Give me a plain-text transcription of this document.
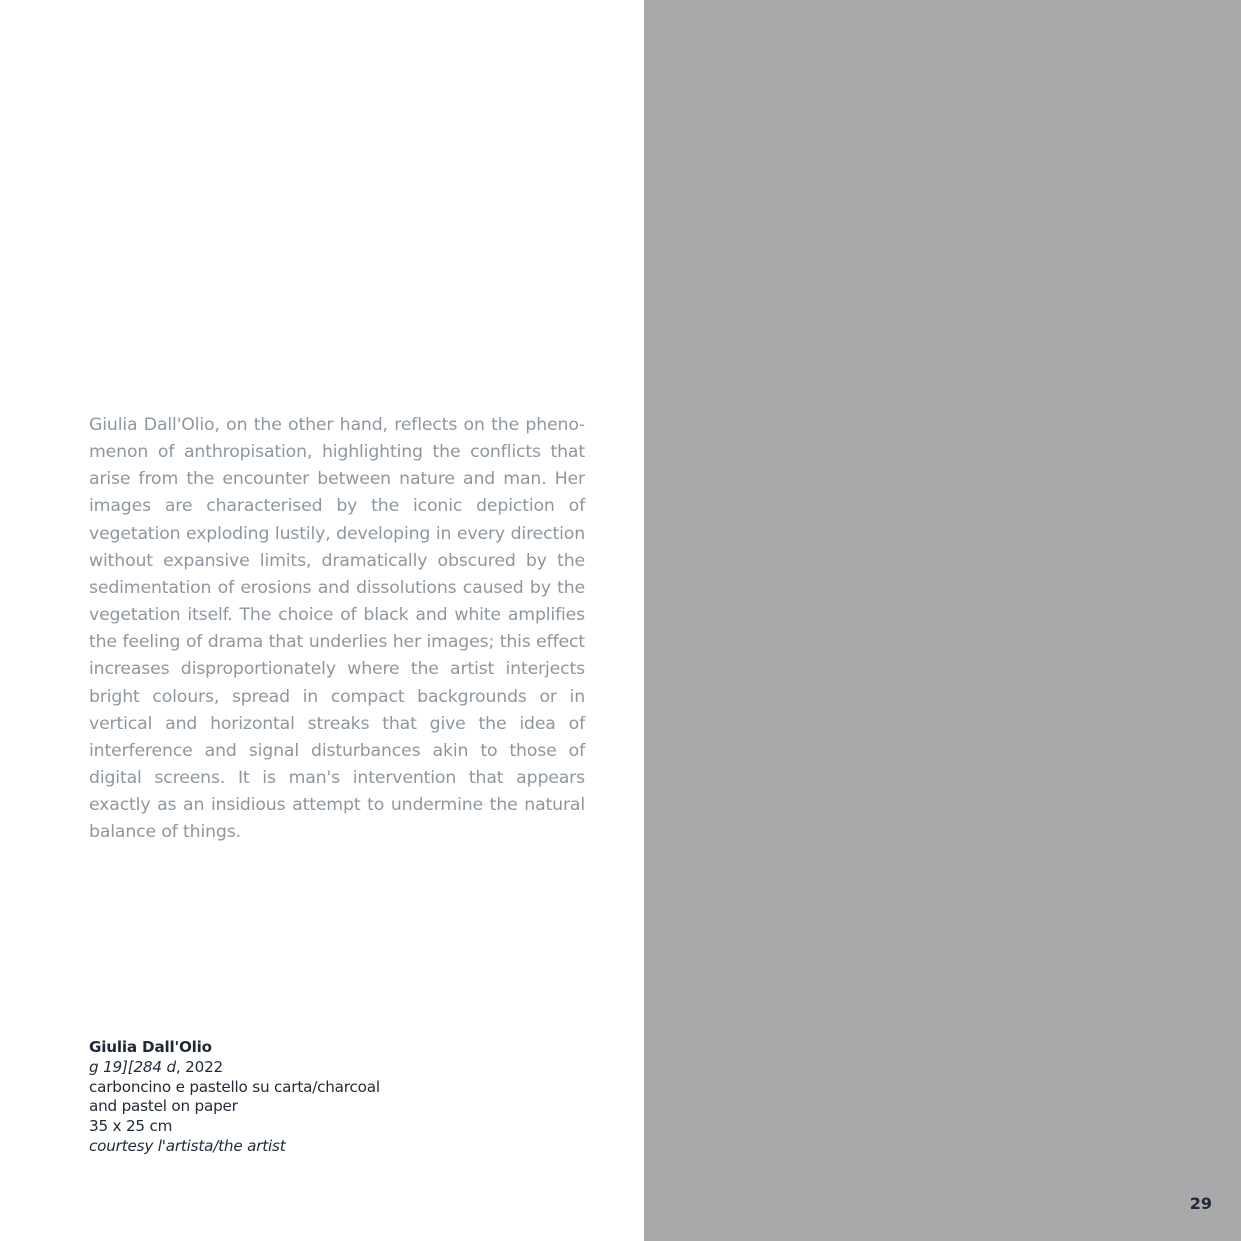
Giulia Dall'Olio, on the other hand, reflects on the phenomenon of anthropisation, highlighting the conflicts that arise from the encounter between nature and man. Her images are characterised by the iconic depiction of vegetation exploding lustily, developing in every direction without expansive limits, dramatically obscured by the sedimentation of erosions and dissolutions caused by the vegetation itself. The choice of black and white amplifies the feeling of drama that underlies her images; this effect increases disproportionately where the artist interjects bright colours, spread in compact backgrounds or in vertical and horizontal streaks that give the idea of interference and signal disturbances akin to those of digital screens. It is man's intervention that appears exactly as an insidious attempt to undermine the natural balance of things.

Giulia Dall'Olio
g 19][284 d, 2022
carboncino e pastello su carta/charcoal
and pastel on paper
35 x 25 cm
courtesy l'artista/the artist
29
